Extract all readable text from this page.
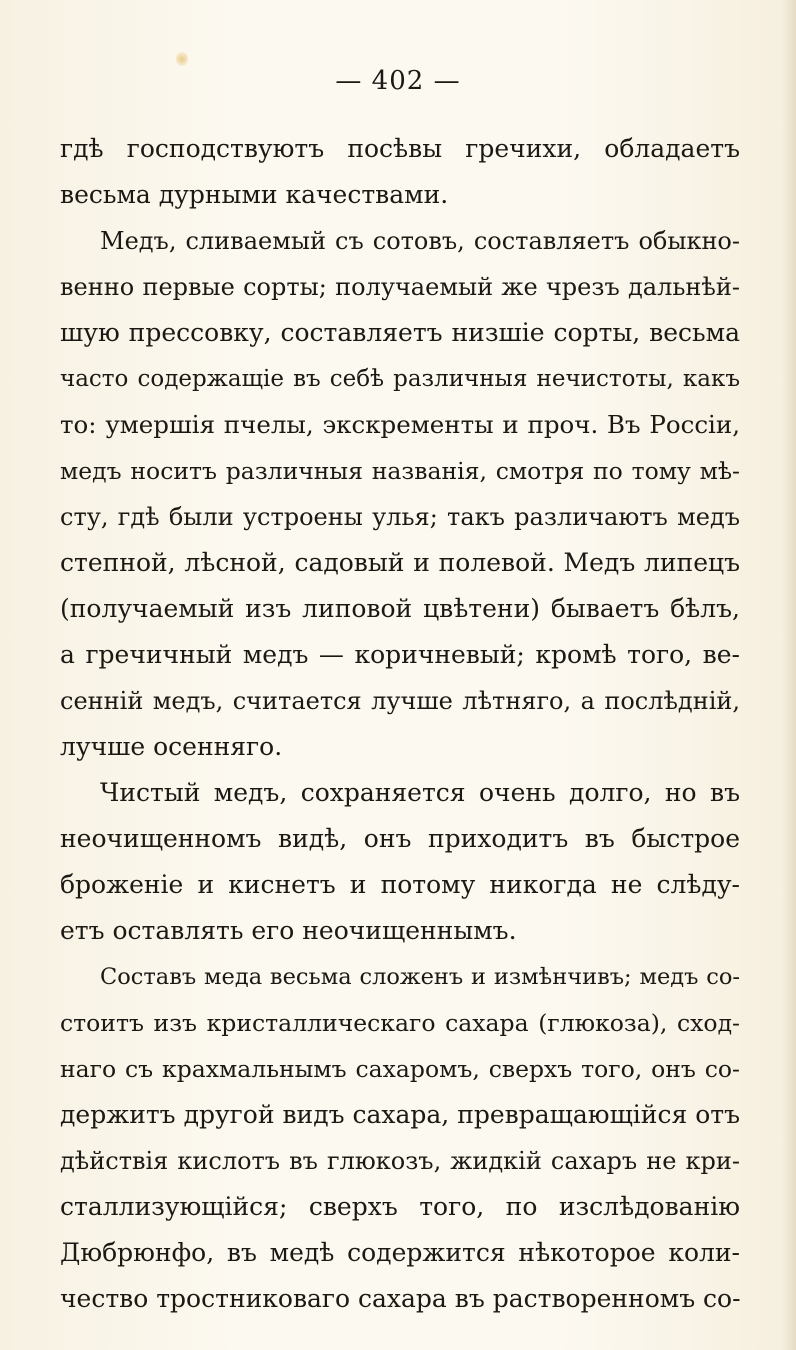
— 402 —

гдѣ господствуютъ посѣвы гречихи, обладаетъ

весьма дурными качествами.

Медъ, сливаемый съ сотовъ, составляетъ обыкно-

венно первые сорты; получаемый же чрезъ дальнѣй-

шую прессовку, составляетъ низшіе сорты, весьма

часто содержащіе въ себѣ различныя нечистоты, какъ

то: умершія пчелы, экскременты и проч. Въ Россіи,

медъ носитъ различныя названія, смотря по тому мѣ-

сту, гдѣ были устроены улья; такъ различаютъ медъ

степной, лѣсной, садовый и полевой. Медъ липецъ

(получаемый изъ липовой цвѣтени) бываетъ бѣлъ,

а гречичный медъ — коричневый; кромѣ того, ве-

сенній медъ, считается лучше лѣтняго, а послѣдній,

лучше осенняго.

Чистый медъ, сохраняется очень долго, но въ

неочищенномъ видѣ, онъ приходитъ въ быстрое

броженіе и киснетъ и потому никогда не слѣду-

етъ оставлять его неочищеннымъ.

Составъ меда весьма сложенъ и измѣнчивъ; медъ со-

стоитъ изъ кристаллическаго сахара (глюкоза), сход-

наго съ крахмальнымъ сахаромъ, сверхъ того, онъ со-

держитъ другой видъ сахара, превращающійся отъ

дѣйствія кислотъ въ глюкозъ, жидкій сахаръ не кри-

сталлизующійся; сверхъ того, по изслѣдованію

Дюбрюнфо, въ медѣ содержится нѣкоторое коли-

чество тростниковаго сахара въ растворенномъ со-
